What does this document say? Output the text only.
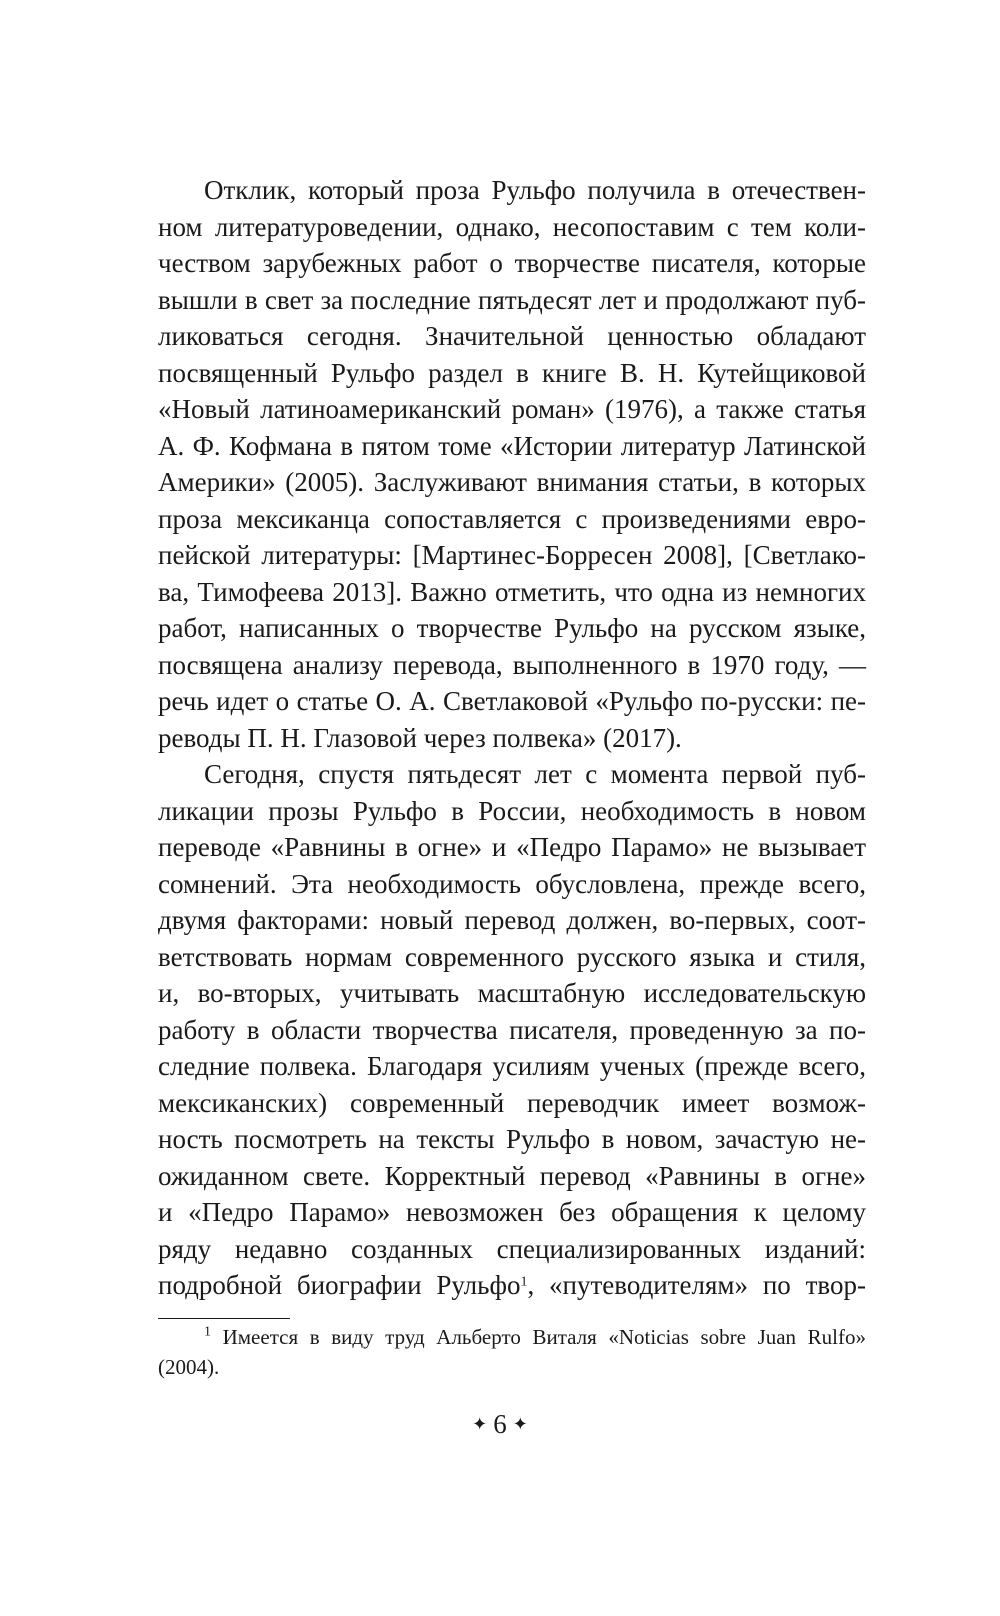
Отклик, который проза Рульфо получила в отечествен-
ном литературоведении, однако, несопоставим с тем коли-
чеством зарубежных работ о творчестве писателя, которые
вышли в свет за последние пятьдесят лет и продолжают пуб-
ликоваться сегодня. Значительной ценностью обладают
посвященный Рульфо раздел в книге В. Н. Кутейщиковой
«Новый латиноамериканский роман» (1976), а также статья
А. Ф. Кофмана в пятом томе «Истории литератур Латинской
Америки» (2005). Заслуживают внимания статьи, в которых
проза мексиканца сопоставляется с произведениями евро-
пейской литературы: [Мартинес-Борресен 2008], [Светлако-
ва, Тимофеева 2013]. Важно отметить, что одна из немногих
работ, написанных о творчестве Рульфо на русском языке,
посвящена анализу перевода, выполненного в 1970 году, —
речь идет о статье О. А. Светлаковой «Рульфо по-русски: пе-
реводы П. Н. Глазовой через полвека» (2017).
Сегодня, спустя пятьдесят лет с момента первой пуб-
ликации прозы Рульфо в России, необходимость в новом
переводе «Равнины в огне» и «Педро Парамо» не вызывает
сомнений. Эта необходимость обусловлена, прежде всего,
двумя факторами: новый перевод должен, во-первых, соот-
ветствовать нормам современного русского языка и стиля,
и, во-вторых, учитывать масштабную исследовательскую
работу в области творчества писателя, проведенную за по-
следние полвека. Благодаря усилиям ученых (прежде всего,
мексиканских) современный переводчик имеет возмож-
ность посмотреть на тексты Рульфо в новом, зачастую не-
ожиданном свете. Корректный перевод «Равнины в огне»
и «Педро Парамо» невозможен без обращения к целому
ряду недавно созданных специализированных изданий:
подробной биографии Рульфо$^1$, «путеводителям» по твор-
$^1$ Имеется в виду труд Альберто Виталя «Noticias sobre Juan Rulfo»
(2004).
✦ 6 ✦
